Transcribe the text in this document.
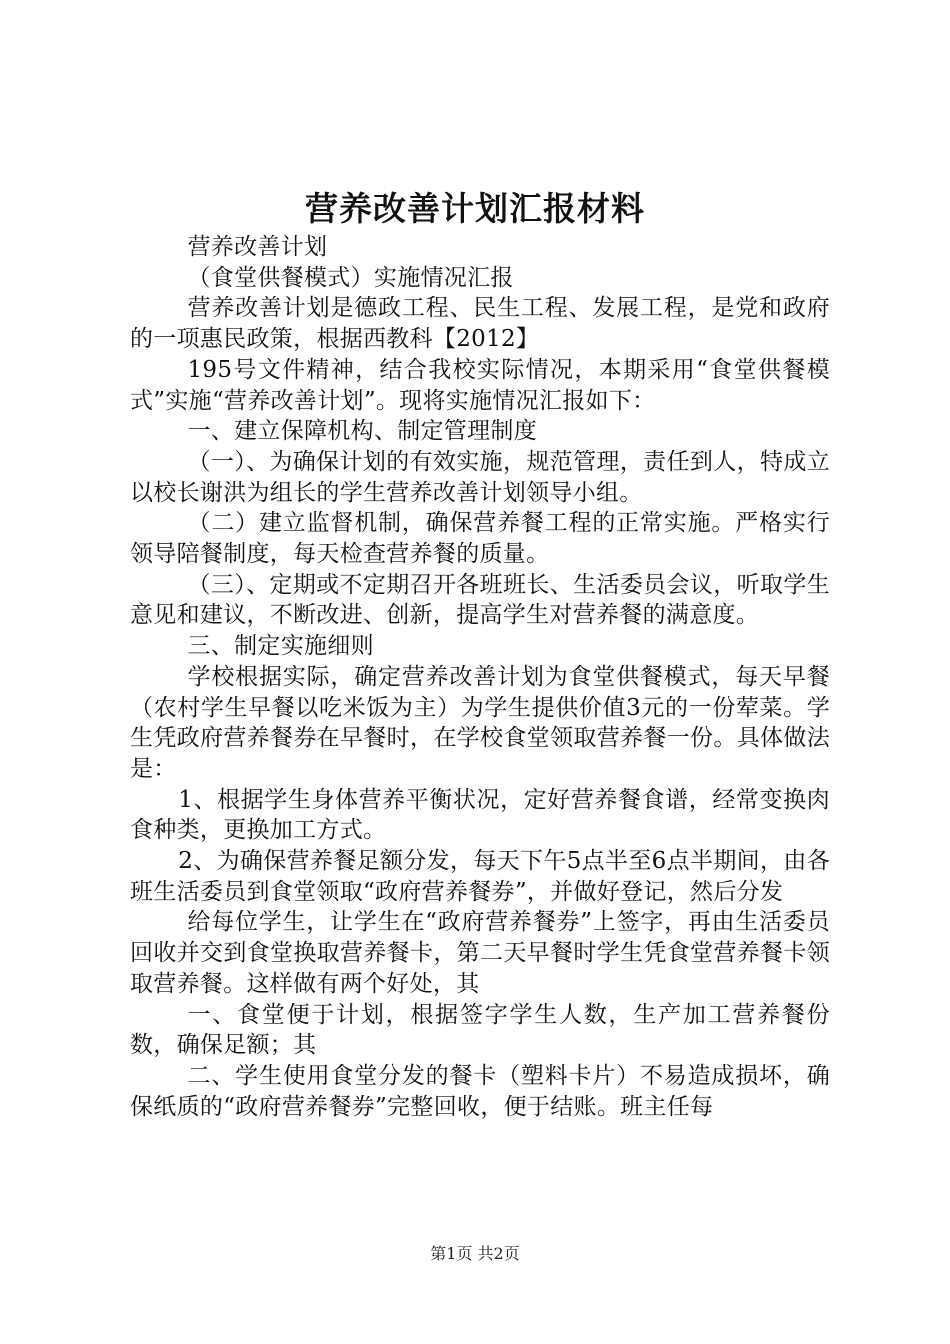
营养改善计划汇报材料

营养改善计划

（食堂供餐模式）实施情况汇报

营养改善计划是德政工程、民生工程、发展工程，是党和政府的一项惠民政策，根据西教科【2012】

195号文件精神，结合我校实际情况，本期采用“食堂供餐模式”实施“营养改善计划”。现将实施情况汇报如下：

一、建立保障机构、制定管理制度

（一）、为确保计划的有效实施，规范管理，责任到人，特成立以校长谢洪为组长的学生营养改善计划领导小组。

（二）建立监督机制，确保营养餐工程的正常实施。严格实行领导陪餐制度，每天检查营养餐的质量。

（三）、定期或不定期召开各班班长、生活委员会议，听取学生意见和建议，不断改进、创新，提高学生对营养餐的满意度。

三、制定实施细则

学校根据实际，确定营养改善计划为食堂供餐模式，每天早餐（农村学生早餐以吃米饭为主）为学生提供价值3元的一份荤菜。学生凭政府营养餐券在早餐时，在学校食堂领取营养餐一份。具体做法是：

1、根据学生身体营养平衡状况，定好营养餐食谱，经常变换肉食种类，更换加工方式。

2、为确保营养餐足额分发，每天下午5点半至6点半期间，由各班生活委员到食堂领取“政府营养餐券”，并做好登记，然后分发

给每位学生，让学生在“政府营养餐券”上签字，再由生活委员回收并交到食堂换取营养餐卡，第二天早餐时学生凭食堂营养餐卡领取营养餐。这样做有两个好处，其

一、食堂便于计划，根据签字学生人数，生产加工营养餐份数，确保足额；其

二、学生使用食堂分发的餐卡（塑料卡片）不易造成损坏，确保纸质的“政府营养餐券”完整回收，便于结账。班主任每

第1页 共2页
